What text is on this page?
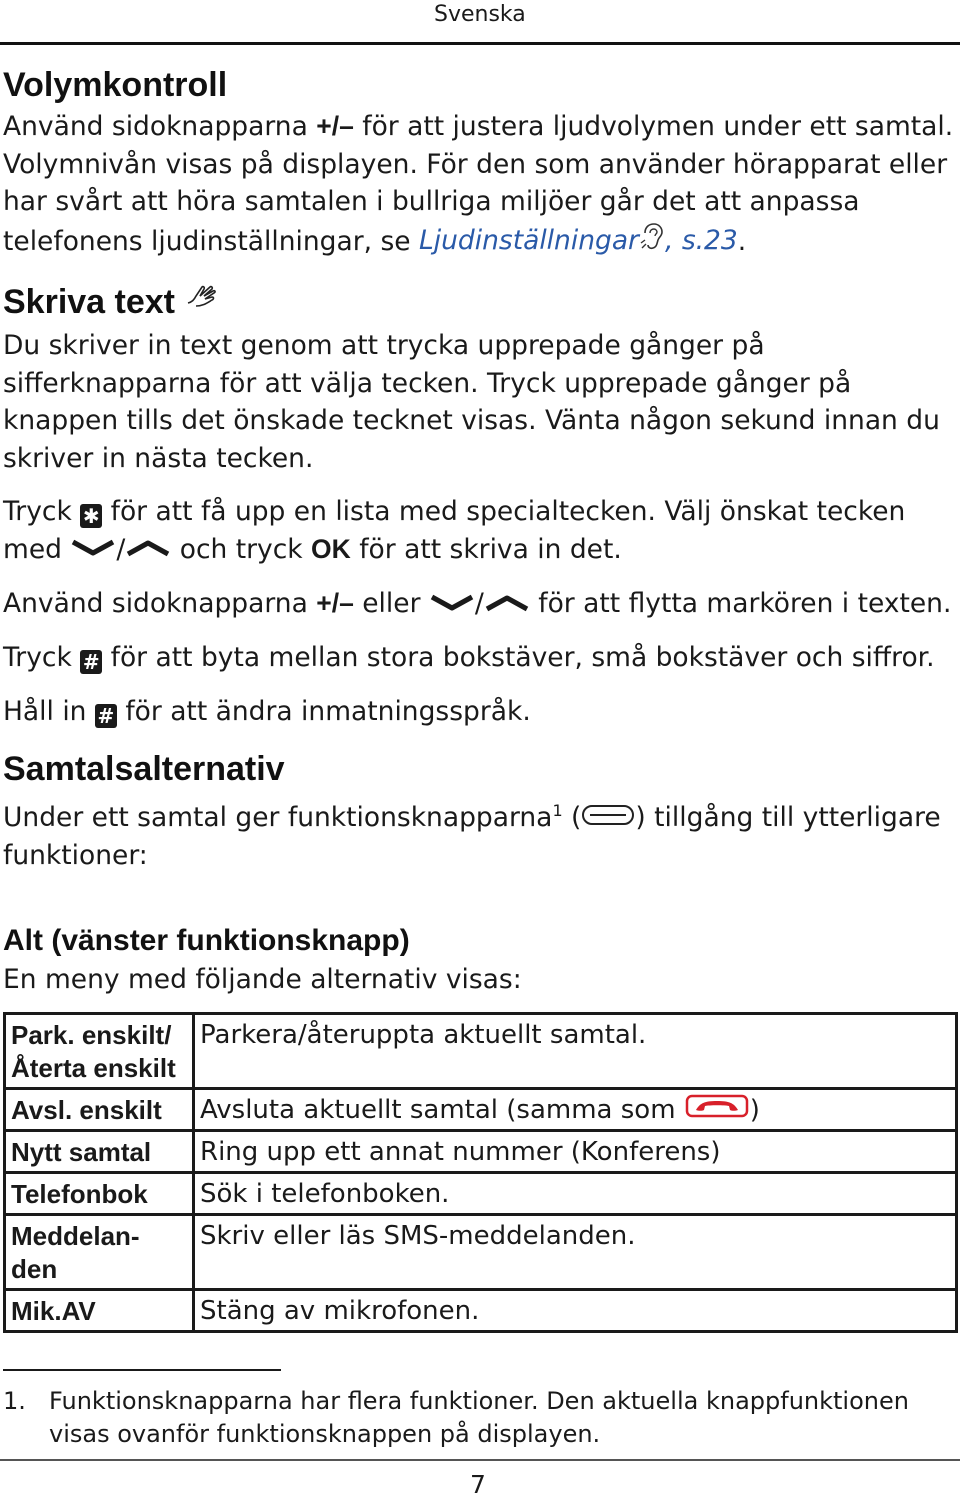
Svenska
Volymkontroll

Använd sidoknapparna +/– för att justera ljudvolymen under ett samtal. Volymnivån visas på displayen. För den som använder hörapparat eller har svårt att höra samtalen i bullriga miljöer går det att anpassa telefonens ljudinställningar, se Ljudinställningar , s.23.

Skriva text

Du skriver in text genom att trycka upprepade gånger på sifferknapparna för att välja tecken. Tryck upprepade gånger på knappen tills det önskade tecknet visas. Vänta någon sekund innan du skriver in nästa tecken.

Tryck ✱ för att få upp en lista med specialtecken. Välj önskat tecken med / och tryck OK för att skriva in det.

Använd sidoknapparna +/– eller / för att flytta markören i texten.

Tryck # för att byta mellan stora bokstäver, små bokstäver och siffror.

Håll in # för att ändra inmatningsspråk.

Samtalsalternativ

Under ett samtal ger funktionsknapparna$^1$ ( ) tillgång till ytterligare funktioner:

Alt (vänster funktionsknapp)

En meny med följande alternativ visas:

Park. enskilt/Återta enskilt	Parkera/återuppta aktuellt samtal.
Avsl. enskilt	Avsluta aktuellt samtal (samma som )
Nytt samtal	Ring upp ett annat nummer (Konferens)
Telefonbok	Sök i telefonboken.
Meddelan-den	Skriv eller läs SMS-meddelanden.
Mik.AV	Stäng av mikrofonen.
1. Funktionsknapparna har flera funktioner. Den aktuella knappfunktionen visas ovanför funktionsknappen på displayen.
7
